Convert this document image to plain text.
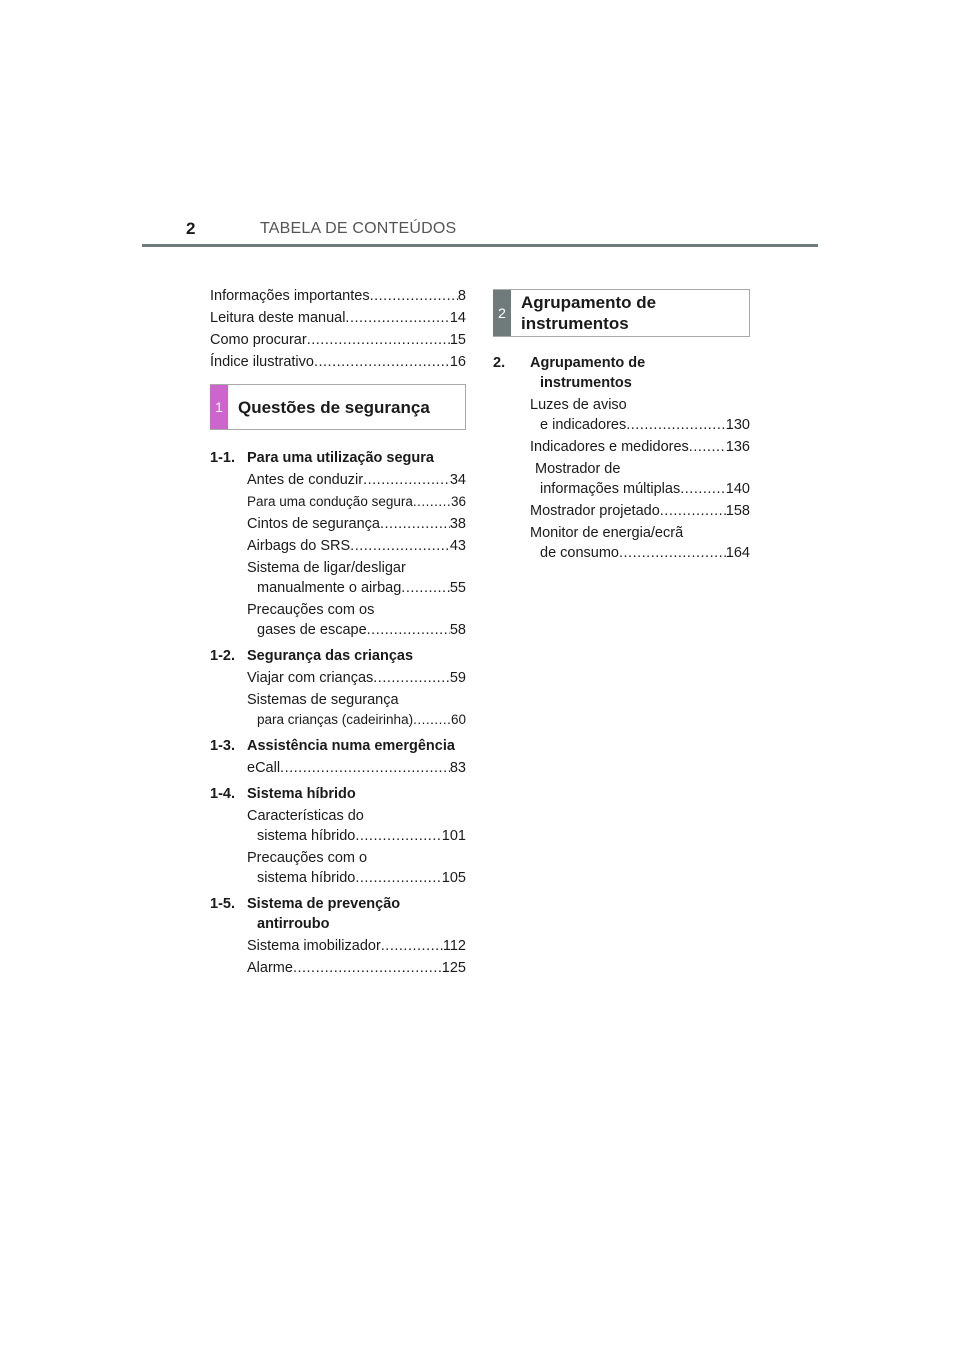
2	TABELA DE CONTEÚDOS
Informações importantes .....	8
Leitura deste manual .....	14
Como procurar .....	15
Índice ilustrativo .....	16
1 Questões de segurança
1-1. Para uma utilização segura
Antes de conduzir .....	34
Para uma condução segura .....	36
Cintos de segurança .....	38
Airbags do SRS .....	43
Sistema de ligar/desligar
manualmente o airbag .....	55
Precauções com os
gases de escape .....	58
1-2. Segurança das crianças
Viajar com crianças .....	59
Sistemas de segurança
para crianças (cadeirinha) .....	60
1-3. Assistência numa emergência
eCall .....	83
1-4. Sistema híbrido
Características do
sistema híbrido .....	101
Precauções com o
sistema híbrido .....	105
1-5. Sistema de prevenção
antirroubo
Sistema imobilizador .....	112
Alarme .....	125
2
Agrupamento de
instrumentos
2.	Agrupamento de
instrumentos
Luzes de aviso
e indicadores .....	130
Indicadores e medidores .....	136
Mostrador de
informações múltiplas .....	140
Mostrador projetado .....	158
Monitor de energia/ecrã
de consumo .....	164
